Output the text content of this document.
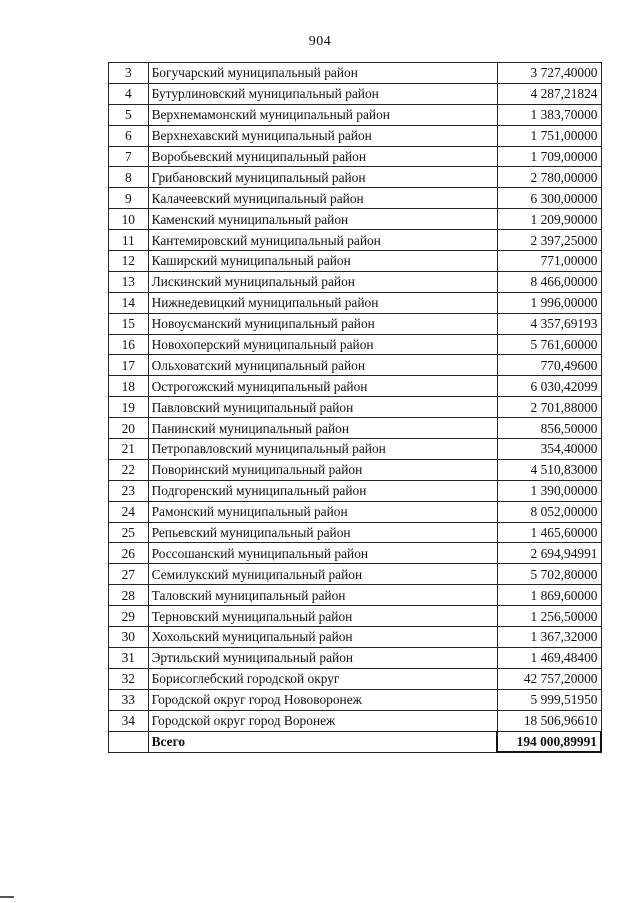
904
3	Богучарский муниципальный район	3 727,40000
4	Бутурлиновский муниципальный район	4 287,21824
5	Верхнемамонский муниципальный район	1 383,70000
6	Верхнехавский муниципальный район	1 751,00000
7	Воробьевский муниципальный район	1 709,00000
8	Грибановский муниципальный район	2 780,00000
9	Калачеевский муниципальный район	6 300,00000
10	Каменский муниципальный район	1 209,90000
11	Кантемировский муниципальный район	2 397,25000
12	Каширский муниципальный район	771,00000
13	Лискинский муниципальный район	8 466,00000
14	Нижнедевицкий муниципальный район	1 996,00000
15	Новоусманский муниципальный район	4 357,69193
16	Новохоперский муниципальный район	5 761,60000
17	Ольховатский муниципальный район	770,49600
18	Острогожский муниципальный район	6 030,42099
19	Павловский муниципальный район	2 701,88000
20	Панинский муниципальный район	856,50000
21	Петропавловский муниципальный район	354,40000
22	Поворинский муниципальный район	4 510,83000
23	Подгоренский муниципальный район	1 390,00000
24	Рамонский муниципальный район	8 052,00000
25	Репьевский муниципальный район	1 465,60000
26	Россошанский муниципальный район	2 694,94991
27	Семилукский муниципальный район	5 702,80000
28	Таловский муниципальный район	1 869,60000
29	Терновский муниципальный район	1 256,50000
30	Хохольский муниципальный район	1 367,32000
31	Эртильский муниципальный район	1 469,48400
32	Борисоглебский городской округ	42 757,20000
33	Городской округ город Нововоронеж	5 999,51950
34	Городской округ город Воронеж	18 506,96610
	Всего	194 000,89991
